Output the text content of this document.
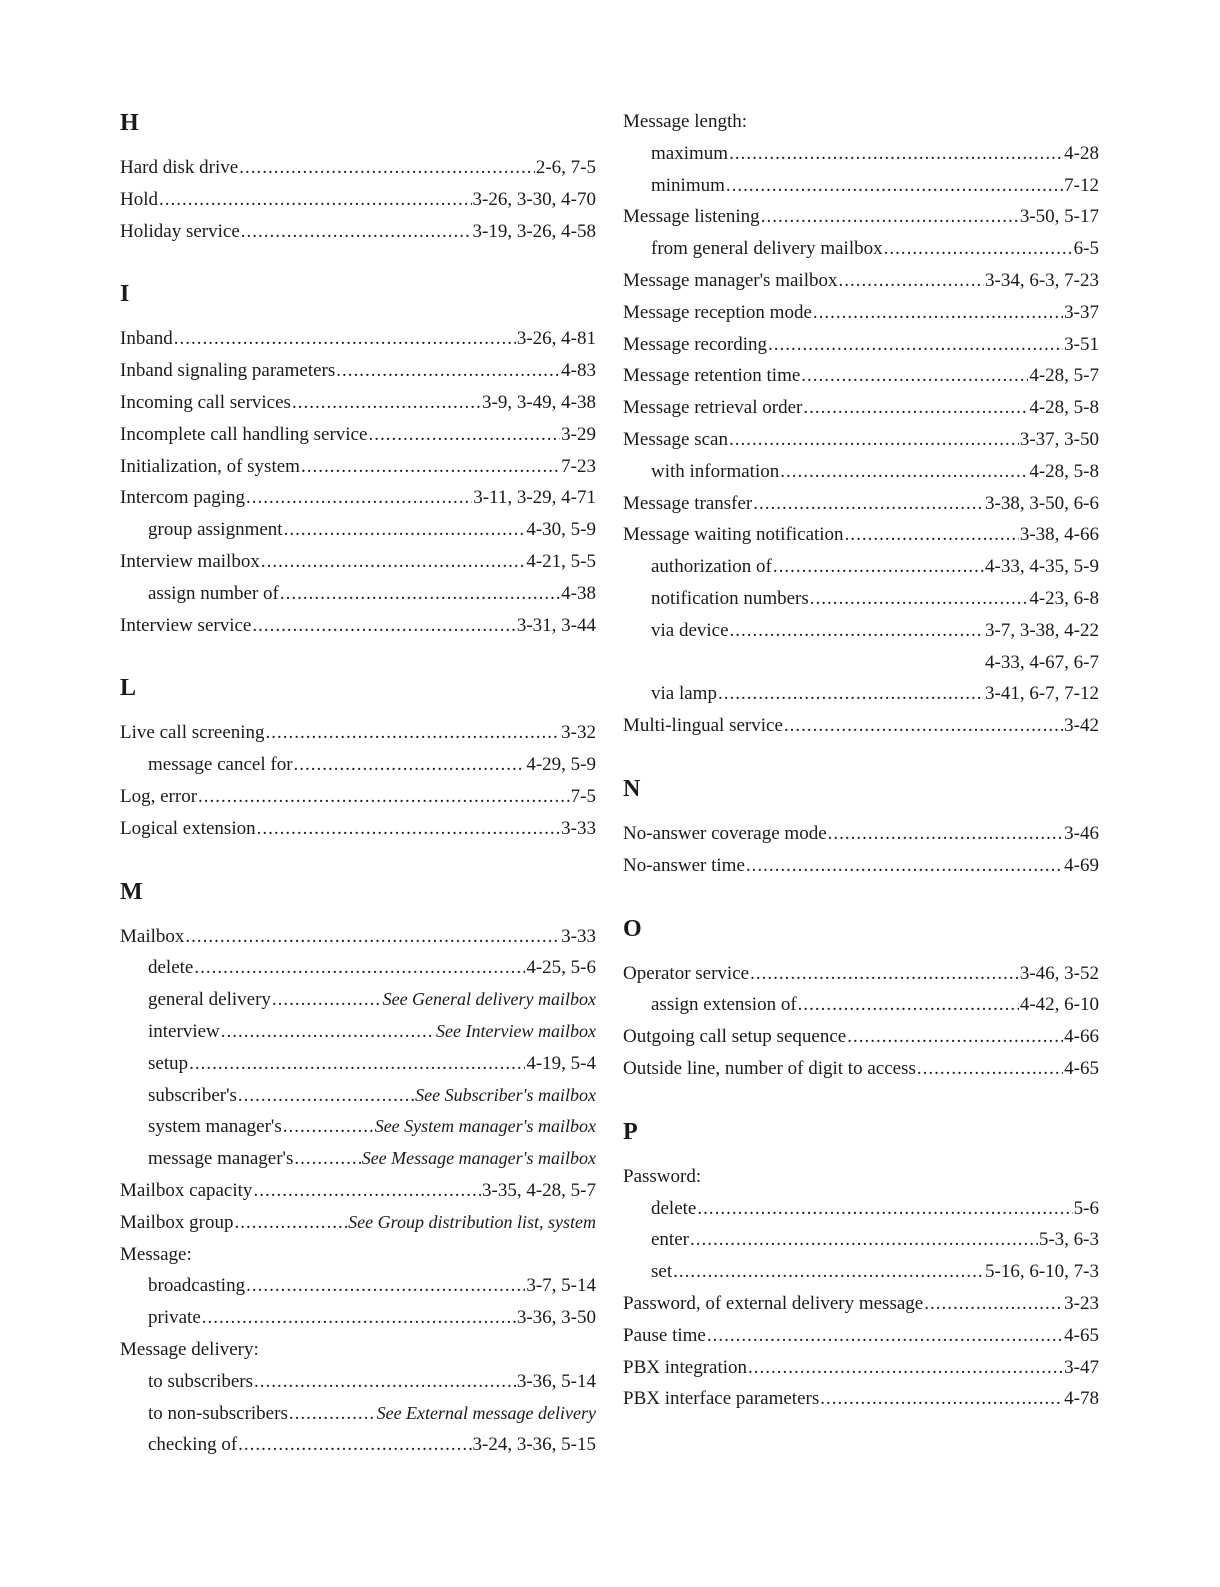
H
Hard disk drive .....	2-6, 7-5
Hold .....	3-26, 3-30, 4-70
Holiday service .....	3-19, 3-26, 4-58
I
Inband .....	3-26, 4-81
Inband signaling parameters .....	4-83
Incoming call services .....	3-9, 3-49, 4-38
Incomplete call handling service .....	3-29
Initialization, of system .....	7-23
Intercom paging .....	3-11, 3-29, 4-71
group assignment .....	4-30, 5-9
Interview mailbox .....	4-21, 5-5
assign number of .....	4-38
Interview service .....	3-31, 3-44
L
Live call screening .....	3-32
message cancel for .....	4-29, 5-9
Log, error .....	7-5
Logical extension .....	3-33
M
Mailbox .....	3-33
delete .....	4-25, 5-6
general delivery .....	See General delivery mailbox
interview .....	See Interview mailbox
setup .....	4-19, 5-4
subscriber's .....	See Subscriber's mailbox
system manager's .....	See System manager's mailbox
message manager's .....	See Message manager's mailbox
Mailbox capacity .....	3-35, 4-28, 5-7
Mailbox group .....	See Group distribution list, system
Message:
broadcasting .....	3-7, 5-14
private .....	3-36, 3-50
Message delivery:
to subscribers .....	3-36, 5-14
to non-subscribers .....	See External message delivery
checking of .....	3-24, 3-36, 5-15
Message length:
maximum .....	4-28
minimum .....	7-12
Message listening .....	3-50, 5-17
from general delivery mailbox .....	6-5
Message manager's mailbox .....	3-34, 6-3, 7-23
Message reception mode .....	3-37
Message recording .....	3-51
Message retention time .....	4-28, 5-7
Message retrieval order .....	4-28, 5-8
Message scan .....	3-37, 3-50
with information .....	4-28, 5-8
Message transfer .....	3-38, 3-50, 6-6
Message waiting notification .....	3-38, 4-66
authorization of .....	4-33, 4-35, 5-9
notification numbers .....	4-23, 6-8
via device .....	3-7, 3-38, 4-22
4-33, 4-67, 6-7
via lamp .....	3-41, 6-7, 7-12
Multi-lingual service .....	3-42
N
No-answer coverage mode .....	3-46
No-answer time .....	4-69
O
Operator service .....	3-46, 3-52
assign extension of .....	4-42, 6-10
Outgoing call setup sequence .....	4-66
Outside line, number of digit to access .....	4-65
P
Password:
delete .....	5-6
enter .....	5-3, 6-3
set .....	5-16, 6-10, 7-3
Password, of external delivery message .....	3-23
Pause time .....	4-65
PBX integration .....	3-47
PBX interface parameters .....	4-78
